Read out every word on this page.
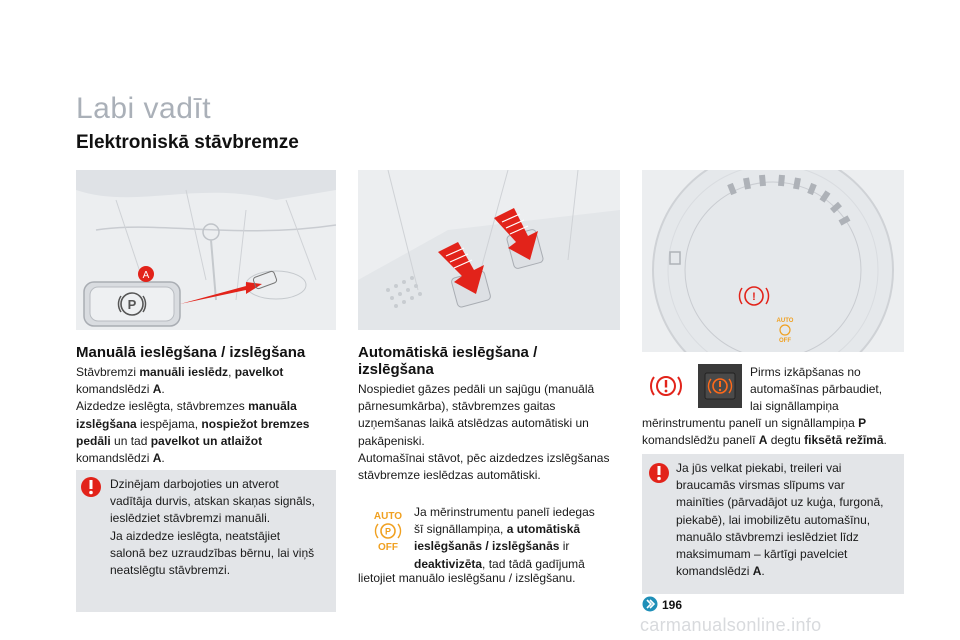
Labi vadīt
Elektroniskā stāvbremze
A
P	!
AUTO
OFF
Manuālā ieslēgšana / izslēgšana
Stāvbremzi manuāli ieslēdz, pavelkot
komandslēdzi A.
Aizdedze ieslēgta, stāvbremzes manuāla
izslēgšana iespējama, nospiežot bremzes
pedāli un tad pavelkot un atlaižot
komandslēdzi A.
Dzinējam darbojoties un atverot
vadītāja durvis, atskan skaņas signāls,
ieslēdziet stāvbremzi manuāli.
Ja aizdedze ieslēgta, neatstājiet
salonā bez uzraudzības bērnu, lai viņš
neatslēgtu stāvbremzi.
Automātiskā ieslēgšana /
izslēgšana
Nospiediet gāzes pedāli un sajūgu (manuālā
pārnesumkārba), stāvbremzes gaitas
uzņemšanas laikā atslēdzas automātiski un
pakāpeniski.
Automašīnai stāvot, pēc aizdedzes izslēgšanas
stāvbremze ieslēdzas automātiski.
AUTO
P
OFF
Ja mērinstrumentu panelī iedegas
šī signāllampiņa, a utomātiskā
ieslēgšanās / izslēgšanās ir
deaktivizēta, tad tādā gadījumā
lietojiet manuālo ieslēgšanu / izslēgšanu.
Pirms izkāpšanas no
automašīnas pārbaudiet,
lai signāllampiņa
mērinstrumentu panelī un signāllampiņa P
komandslēdžu panelī A degtu fiksētā režīmā.
Ja jūs velkat piekabi, treileri vai
braucamās virsmas slīpums var
mainīties (pārvadājot uz kuģa, furgonā,
piekabē), lai imobilizētu automašīnu,
manuālo stāvbremzi ieslēdziet līdz
maksimumam – kārtīgi pavelciet
komandslēdzi A.
196
carmanualsonline.info
